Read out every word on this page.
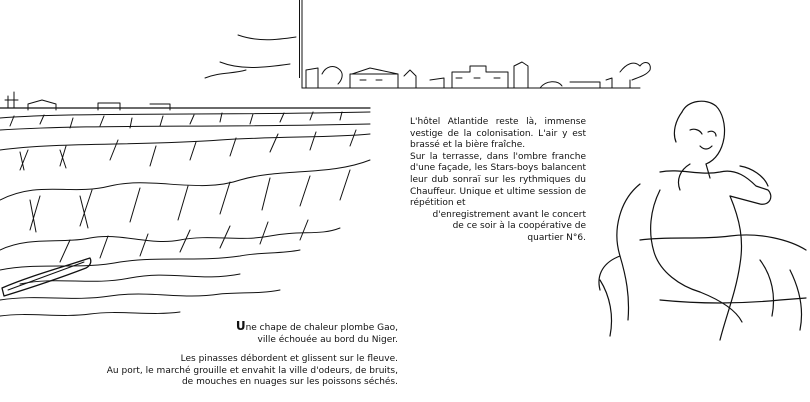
Une chape de chaleur plombe Gao,

ville échouée au bord du Niger.

Les pinasses débordent et glissent sur le fleuve.

Au port, le marché grouille et envahit la ville d'odeurs, de bruits,

de mouches en nuages sur les poissons séchés.

L'hôtel Atlantide reste là, immense vestige de la colonisation. L'air y est brassé et la bière fraîche.

Sur la terrasse, dans l'ombre franche d'une façade, les Stars-boys balancent leur dub sonraï sur les rythmiques du Chauffeur. Unique et ultime session de répétition et

d'enregistrement avant le concert

de ce soir à la coopérative de

quartier N°6.
